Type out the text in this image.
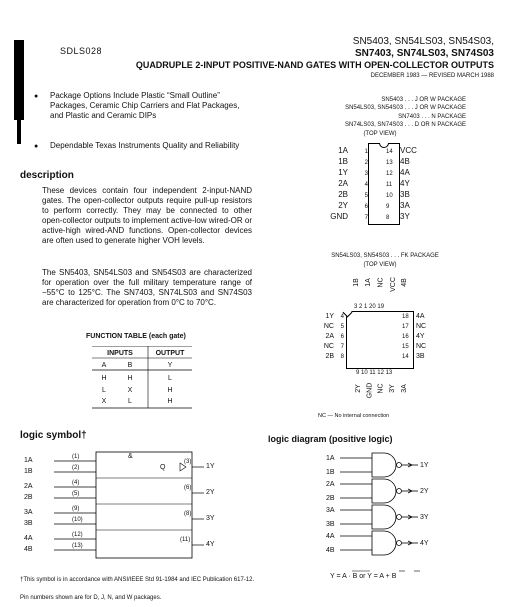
SDLS028
SN5403, SN54LS03, SN54S03,
SN7403, SN74LS03, SN74S03
QUADRUPLE 2-INPUT POSITIVE-NAND GATES WITH OPEN-COLLECTOR OUTPUTS
DECEMBER 1983 — REVISED MARCH 1988
● Package Options Include Plastic “Small Outline” Packages, Ceramic Chip Carriers and Flat Packages, and Plastic and Ceramic DIPs
● Dependable Texas Instruments Quality and Reliability
description
These devices contain four independent 2-input-NAND gates. The open-collector outputs require pull-up resistors to perform correctly. They may be connected to other open-collector outputs to implement active-low wired-OR or active-high wired-AND functions. Open-collector devices are often used to generate higher VOH levels.
The SN5403, SN54LS03 and SN54S03 are characterized for operation over the full military temperature range of −55°C to 125°C. The SN7403, SN74LS03 and SN74S03 are characterized for operation from 0°C to 70°C.
FUNCTION TABLE (each gate)
INPUTS	OUTPUT
A	B	Y
H	H	L
L	X	H
X	L	H
SN5403 . . . J OR W PACKAGE
SN54LS03, SN54S03 . . . J OR W PACKAGE
SN7403 . . . N PACKAGE
SN74LS03, SN74S03 . . . D OR N PACKAGE
(TOP VIEW)
1A	1
1B	2
1Y	3
2A	4
2B	5
2Y	6
GND	7
14 VCC
13 4B
12 4A
11 4Y
10 3B
9 3A
8 3Y
SN54LS03, SN54S03 . . . FK PACKAGE
(TOP VIEW)
1B 1A NC VCC 4B
3 2 1 20 19
1Y 4
NC 5
2A 6
NC 7
2B 8
18 4A
17 NC
16 4Y
15 NC
14 3B
9 10 11 12 13
2Y GND NC 3Y 3A
NC — No internal connection
logic symbol†
&
Q
1A	(1)
1B	(2)
2A	(4)
2B	(5)
3A	(9)
3B	(10)
4A	(12)
4B	(13)
(3)
1Y
(6)
2Y
(8)
3Y
(11)
4Y
logic diagram (positive logic)
1A
1B
2A
2B
3A
3B
4A
4B
1Y
2Y
3Y
4Y
Y = A · B or Y = A + B
†This symbol is in accordance with ANSI/IEEE Std 91-1984 and IEC Publication 617-12.
Pin numbers shown are for D, J, N, and W packages.
